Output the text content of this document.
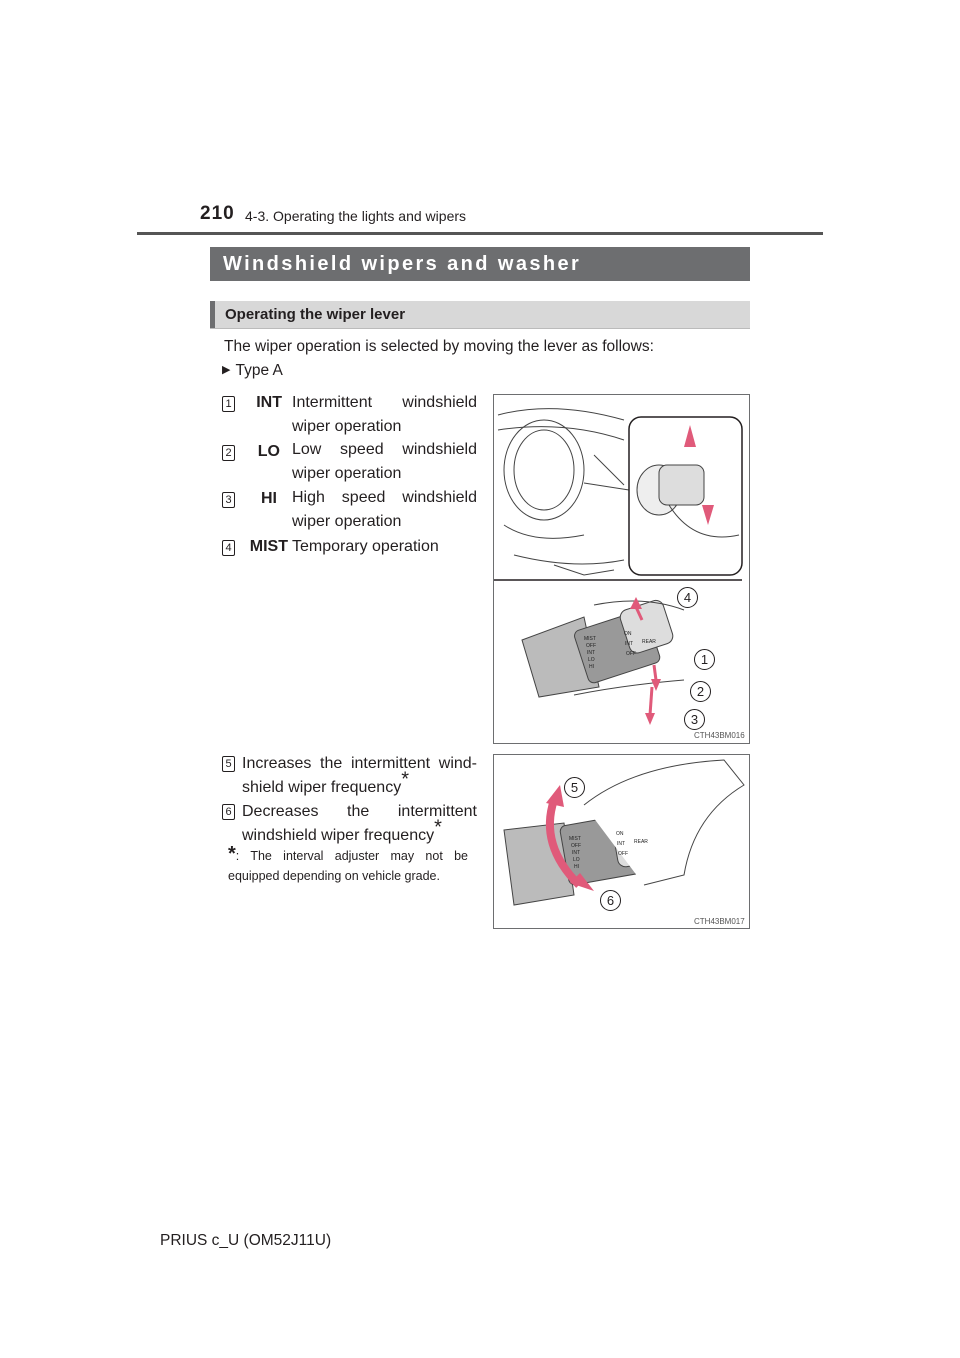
210 4-3. Operating the lights and wipers
Windshield wipers and washer
Operating the wiper lever
The wiper operation is selected by moving the lever as follows:
▶ Type A
1	INT Intermittent windshield wiper operation
2	LO Low speed windshield wiper operation
3	HI High speed windshield wiper operation
4	MIST Temporary operation
5 Increases the intermittent wind-shield wiper frequency*
6 Decreases the intermittent windshield wiper frequency*
*: The interval adjuster may not be equipped depending on vehicle grade.
MIST
OFF
INT
LO
HI
ON
INT
OFF
REAR
4
1
2
3
CTH43BM016
MIST
OFF
INT
LO
HI
ON
INT
OFF
REAR
5
6
CTH43BM017
PRIUS c_U (OM52J11U)
